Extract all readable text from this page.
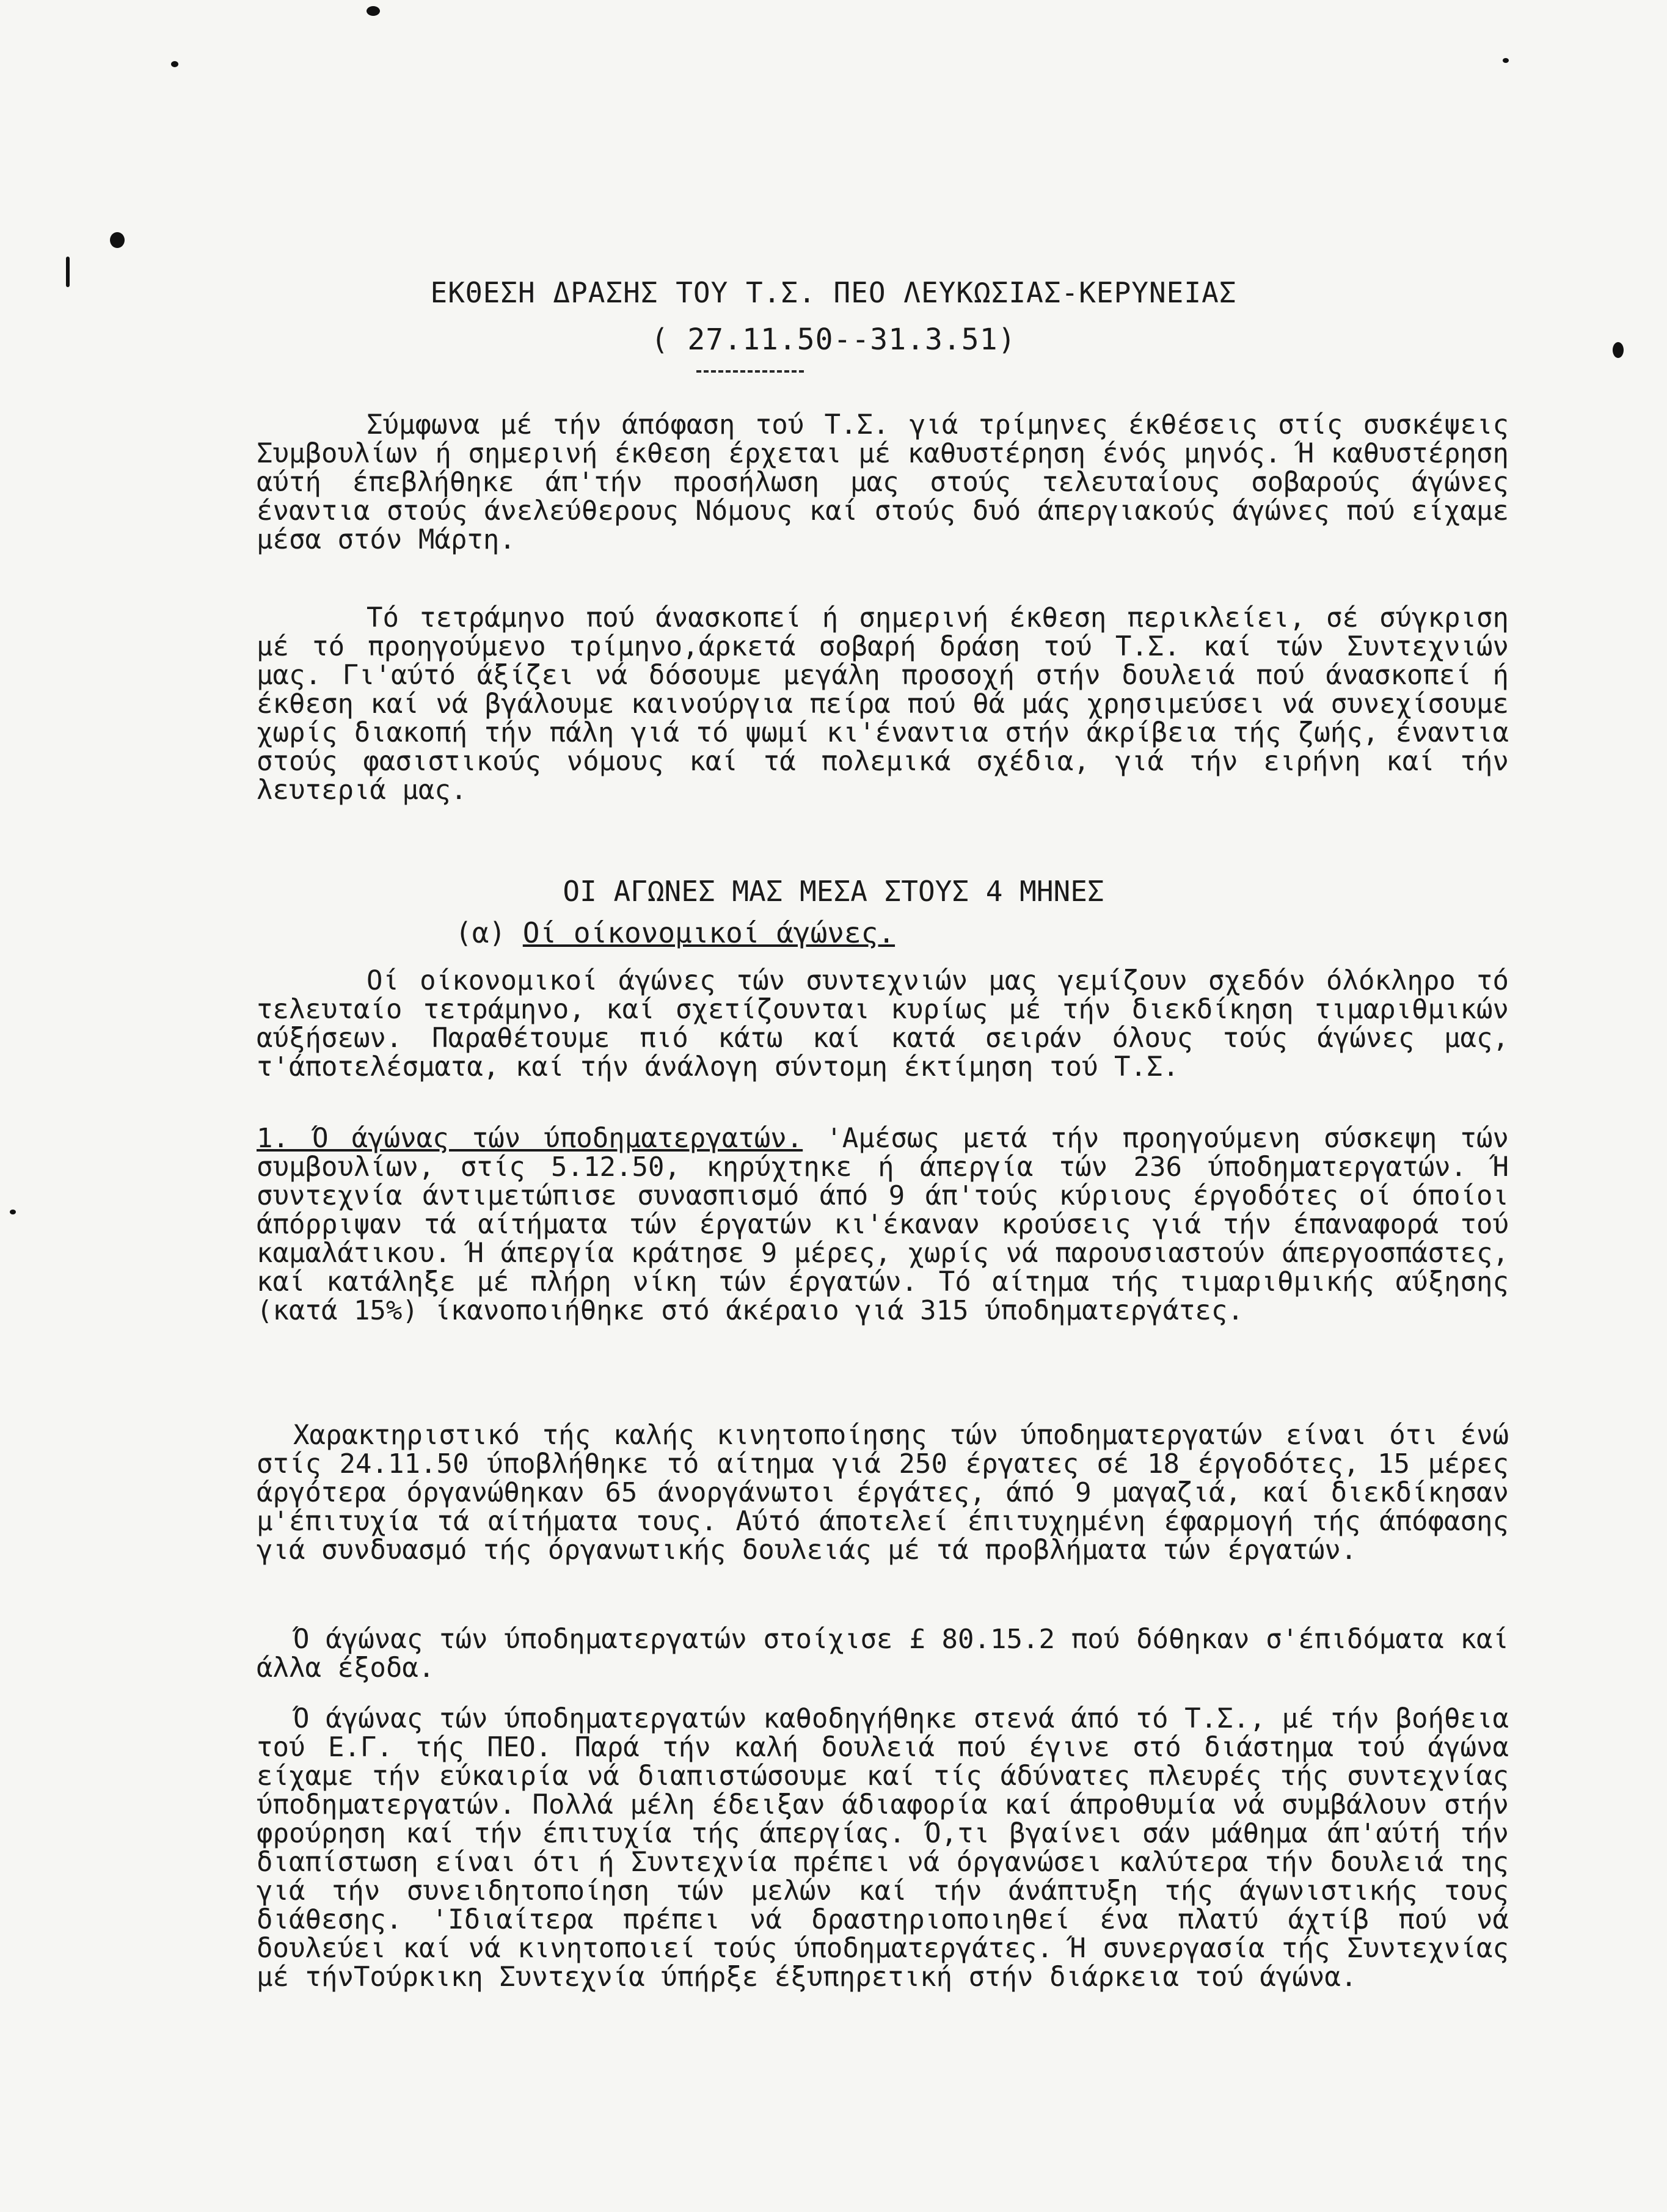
ΕΚΘΕΣΗ ΔΡΑΣΗΣ ΤΟΥ Τ.Σ. ΠΕΟ ΛΕΥΚΩΣΙΑΣ-ΚΕΡΥΝΕΙΑΣ
( 27.11.50--31.3.51)

Σύμφωνα μέ τήν άπόφαση τού Τ.Σ. γιά τρίμηνες έκθέσεις στίς συσκέψεις Συμβουλίων ή σημερινή έκθεση έρχεται μέ καθυστέρηση ένός μηνός. Ή καθυστέρηση αύτή έπεβλήθηκε άπ'τήν προσήλωση μας στούς τελευταίους σοβαρούς άγώνες έναντια στούς άνελεύθερους Νόμους καί στούς δυό άπεργιακούς άγώνες πού είχαμε μέσα στόν Μάρτη.

Τό τετράμηνο πού άνασκοπεί ή σημερινή έκθεση περικλείει, σέ σύγκριση μέ τό προηγούμενο τρίμηνο,άρκετά σοβαρή δράση τού Τ.Σ. καί τών Συντεχνιών μας. Γι'αύτό άξίζει νά δόσουμε μεγάλη προσοχή στήν δουλειά πού άνασκοπεί ή έκθεση καί νά βγάλουμε καινούργια πείρα πού θά μάς χρησιμεύσει νά συνεχίσουμε χωρίς διακοπή τήν πάλη γιά τό ψωμί κι'έναντια στήν άκρίβεια τής ζωής, έναντια στούς φασιστικούς νόμους καί τά πολεμικά σχέδια, γιά τήν ειρήνη καί τήν λευτεριά μας.

ΟΙ ΑΓΩΝΕΣ ΜΑΣ ΜΕΣΑ ΣΤΟΥΣ 4 ΜΗΝΕΣ
(α) Οί οίκονομικοί άγώνες.

Οί οίκονομικοί άγώνες τών συντεχνιών μας γεμίζουν σχεδόν όλόκληρο τό τελευταίο τετράμηνο, καί σχετίζουνται κυρίως μέ τήν διεκδίκηση τιμαριθμικών αύξήσεων. Παραθέτουμε πιό κάτω καί κατά σειράν όλους τούς άγώνες μας, τ'άποτελέσματα, καί τήν άνάλογη σύντομη έκτίμηση τού Τ.Σ.

1. Ό άγώνας τών ύποδηματεργατών. 'Αμέσως μετά τήν προηγούμενη σύσκεψη τών συμβουλίων, στίς 5.12.50, κηρύχτηκε ή άπεργία τών 236 ύποδηματεργατών. Ή συντεχνία άντιμετώπισε συνασπισμό άπό 9 άπ'τούς κύριους έργοδότες οί όποίοι άπόρριψαν τά αίτήματα τών έργατών κι'έκαναν κρούσεις γιά τήν έπαναφορά τού καμαλάτικου. Ή άπεργία κράτησε 9 μέρες, χωρίς νά παρουσιαστούν άπεργοσπάστες, καί κατάληξε μέ πλήρη νίκη τών έργατών. Τό αίτημα τής τιμαριθμικής αύξησης (κατά 15%) ίκανοποιήθηκε στό άκέραιο γιά 315 ύποδηματεργάτες.

Χαρακτηριστικό τής καλής κινητοποίησης τών ύποδηματεργατών είναι ότι ένώ στίς 24.11.50 ύποβλήθηκε τό αίτημα γιά 250 έργατες σέ 18 έργοδότες, 15 μέρες άργότερα όργανώθηκαν 65 άνοργάνωτοι έργάτες, άπό 9 μαγαζιά, καί διεκδίκησαν μ'έπιτυχία τά αίτήματα τους. Αύτό άποτελεί έπιτυχημένη έφαρμογή τής άπόφασης γιά συνδυασμό τής όργανωτικής δουλειάς μέ τά προβλήματα τών έργατών.

Ό άγώνας τών ύποδηματεργατών στοίχισε £ 80.15.2 πού δόθηκαν σ'έπιδόματα καί άλλα έξοδα.

Ό άγώνας τών ύποδηματεργατών καθοδηγήθηκε στενά άπό τό Τ.Σ., μέ τήν βοήθεια τού Ε.Γ. τής ΠΕΟ. Παρά τήν καλή δουλειά πού έγινε στό διάστημα τού άγώνα είχαμε τήν εύκαιρία νά διαπιστώσουμε καί τίς άδύνατες πλευρές τής συντεχνίας ύποδηματεργατών. Πολλά μέλη έδειξαν άδιαφορία καί άπροθυμία νά συμβάλουν στήν φρούρηση καί τήν έπιτυχία τής άπεργίας. Ό,τι βγαίνει σάν μάθημα άπ'αύτή τήν διαπίστωση είναι ότι ή Συντεχνία πρέπει νά όργανώσει καλύτερα τήν δουλειά της γιά τήν συνειδητοποίηση τών μελών καί τήν άνάπτυξη τής άγωνιστικής τους διάθεσης. 'Ιδιαίτερα πρέπει νά δραστηριοποιηθεί ένα πλατύ άχτίβ πού νά δουλεύει καί νά κινητοποιεί τούς ύποδηματεργάτες. Ή συνεργασία τής Συντεχνίας μέ τήνΤούρκικη Συντεχνία ύπήρξε έξυπηρετική στήν διάρκεια τού άγώνα.
